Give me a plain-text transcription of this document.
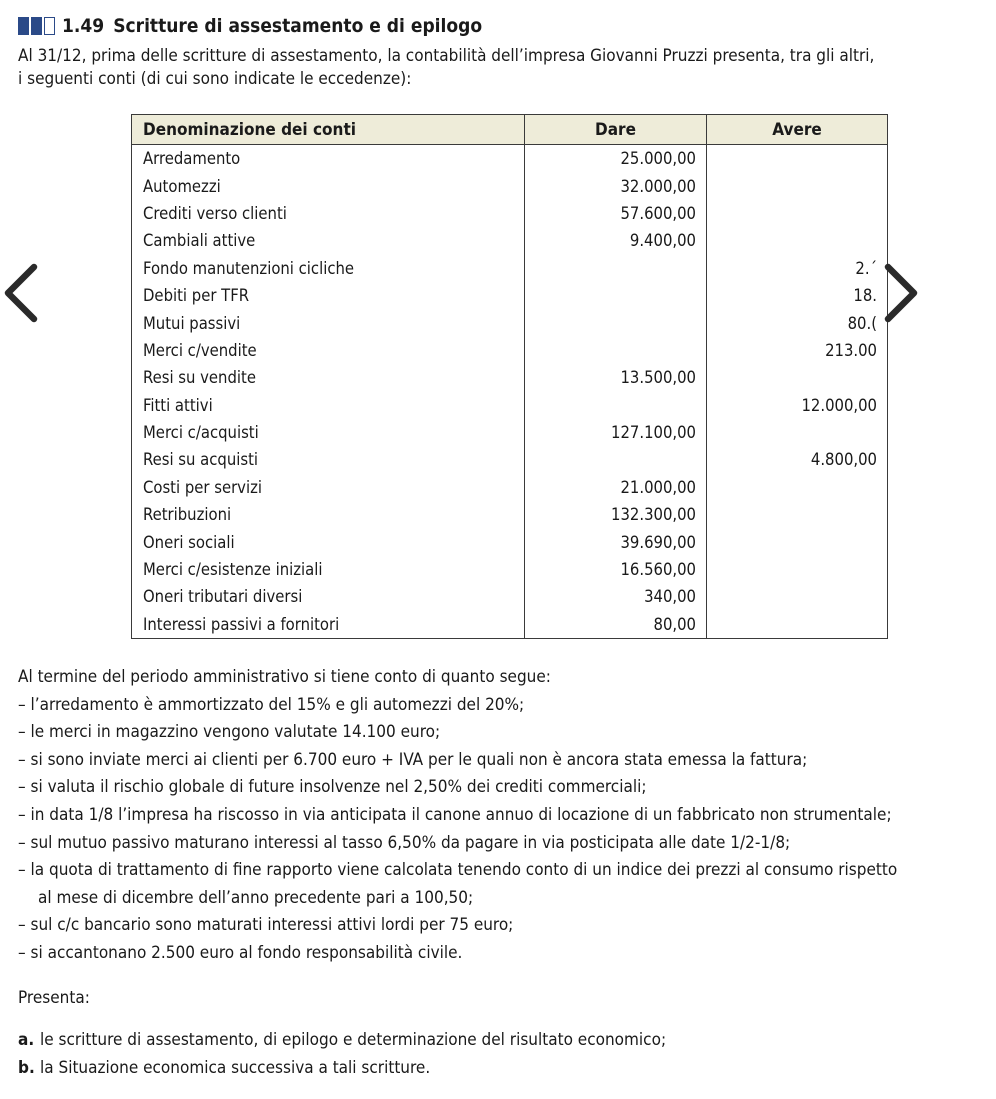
1.49 Scritture di assestamento e di epilogo
Al 31/12, prima delle scritture di assestamento, la contabilità dell’impresa Giovanni Pruzzi presenta, tra gli altri,
i seguenti conti (di cui sono indicate le eccedenze):
Denominazione dei conti	Dare	Avere
Arredamento	25.000,00	
Automezzi	32.000,00	
Crediti verso clienti	57.600,00	
Cambiali attive	9.400,00	
Fondo manutenzioni cicliche		2.´
Debiti per TFR		18.
Mutui passivi		80.(
Merci c/vendite		213.00
Resi su vendite	13.500,00	
Fitti attivi		12.000,00
Merci c/acquisti	127.100,00	
Resi su acquisti		4.800,00
Costi per servizi	21.000,00	
Retribuzioni	132.300,00	
Oneri sociali	39.690,00	
Merci c/esistenze iniziali	16.560,00	
Oneri tributari diversi	340,00	
Interessi passivi a fornitori	80,00	
Al termine del periodo amministrativo si tiene conto di quanto segue:
– l’arredamento è ammortizzato del 15% e gli automezzi del 20%;
– le merci in magazzino vengono valutate 14.100 euro;
– si sono inviate merci ai clienti per 6.700 euro + IVA per le quali non è ancora stata emessa la fattura;
– si valuta il rischio globale di future insolvenze nel 2,50% dei crediti commerciali;
– in data 1/8 l’impresa ha riscosso in via anticipata il canone annuo di locazione di un fabbricato non strumentale;
– sul mutuo passivo maturano interessi al tasso 6,50% da pagare in via posticipata alle date 1/2-1/8;
– la quota di trattamento di fine rapporto viene calcolata tenendo conto di un indice dei prezzi al consumo rispetto
al mese di dicembre dell’anno precedente pari a 100,50;
– sul c/c bancario sono maturati interessi attivi lordi per 75 euro;
– si accantonano 2.500 euro al fondo responsabilità civile.
Presenta:
a. le scritture di assestamento, di epilogo e determinazione del risultato economico;
b. la Situazione economica successiva a tali scritture.
